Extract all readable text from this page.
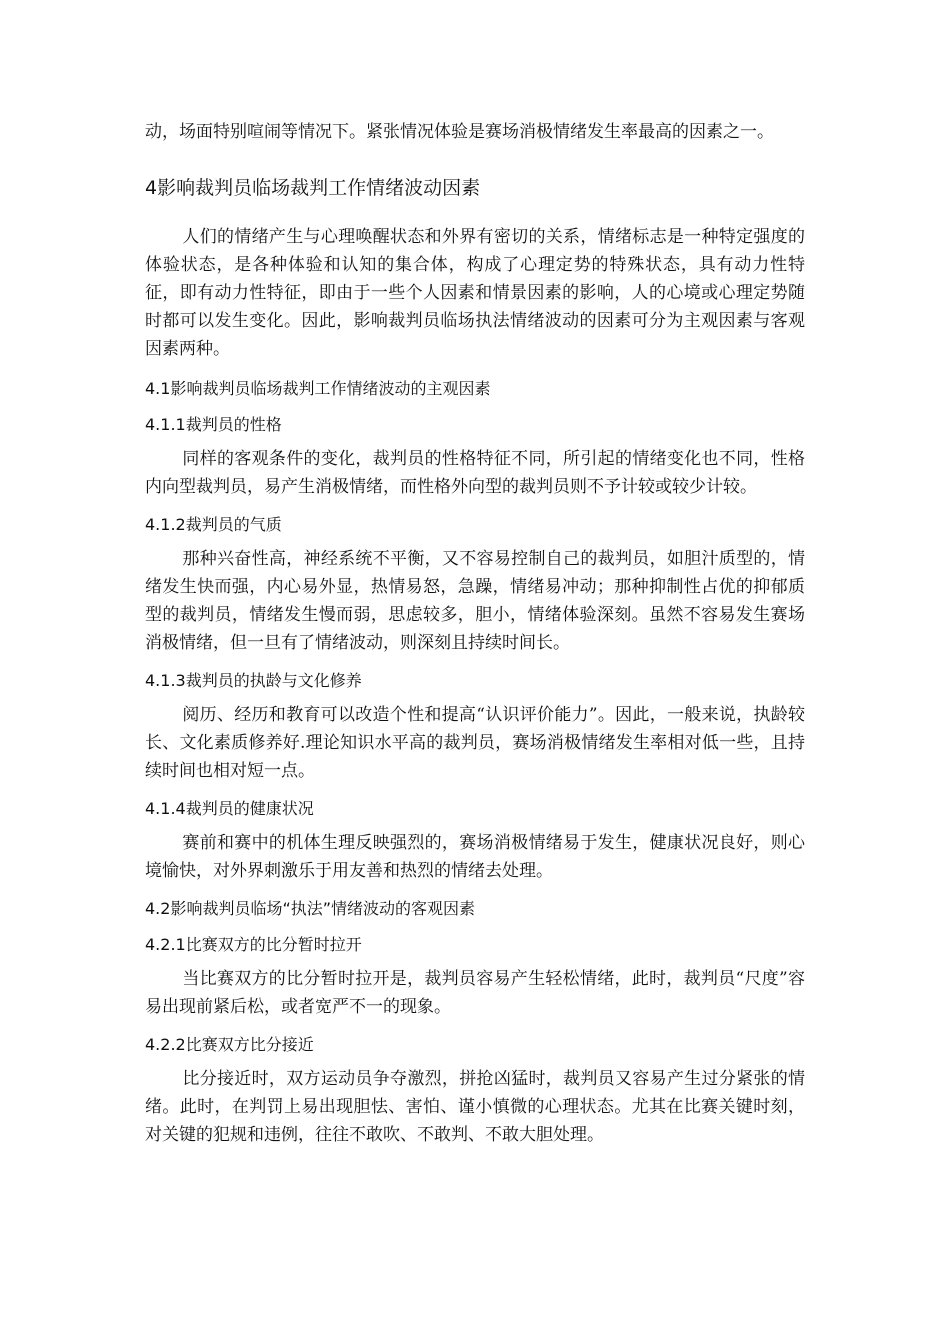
动，场面特别喧闹等情况下。紧张情况体验是赛场消极情绪发生率最高的因素之一。

4影响裁判员临场裁判工作情绪波动因素

人们的情绪产生与心理唤醒状态和外界有密切的关系，情绪标志是一种特定强度的体验状态，是各种体验和认知的集合体，构成了心理定势的特殊状态，具有动力性特征，即有动力性特征，即由于一些个人因素和情景因素的影响，人的心境或心理定势随时都可以发生变化。因此，影响裁判员临场执法情绪波动的因素可分为主观因素与客观因素两种。

4.1影响裁判员临场裁判工作情绪波动的主观因素
4.1.1裁判员的性格

同样的客观条件的变化，裁判员的性格特征不同，所引起的情绪变化也不同，性格内向型裁判员，易产生消极情绪，而性格外向型的裁判员则不予计较或较少计较。

4.1.2裁判员的气质

那种兴奋性高，神经系统不平衡，又不容易控制自己的裁判员，如胆汁质型的，情绪发生快而强，内心易外显，热情易怒，急躁，情绪易冲动；那种抑制性占优的抑郁质型的裁判员，情绪发生慢而弱，思虑较多，胆小，情绪体验深刻。虽然不容易发生赛场消极情绪，但一旦有了情绪波动，则深刻且持续时间长。

4.1.3裁判员的执龄与文化修养

阅历、经历和教育可以改造个性和提高“认识评价能力”。因此，一般来说，执龄较长、文化素质修养好.理论知识水平高的裁判员，赛场消极情绪发生率相对低一些，且持续时间也相对短一点。

4.1.4裁判员的健康状况

赛前和赛中的机体生理反映强烈的，赛场消极情绪易于发生，健康状况良好，则心境愉快，对外界刺激乐于用友善和热烈的情绪去处理。

4.2影响裁判员临场“执法”情绪波动的客观因素
4.2.1比赛双方的比分暂时拉开

当比赛双方的比分暂时拉开是，裁判员容易产生轻松情绪，此时，裁判员“尺度”容易出现前紧后松，或者宽严不一的现象。

4.2.2比赛双方比分接近

比分接近时，双方运动员争夺激烈，拼抢凶猛时，裁判员又容易产生过分紧张的情绪。此时，在判罚上易出现胆怯、害怕、谨小慎微的心理状态。尤其在比赛关键时刻，对关键的犯规和违例，往往不敢吹、不敢判、不敢大胆处理。
